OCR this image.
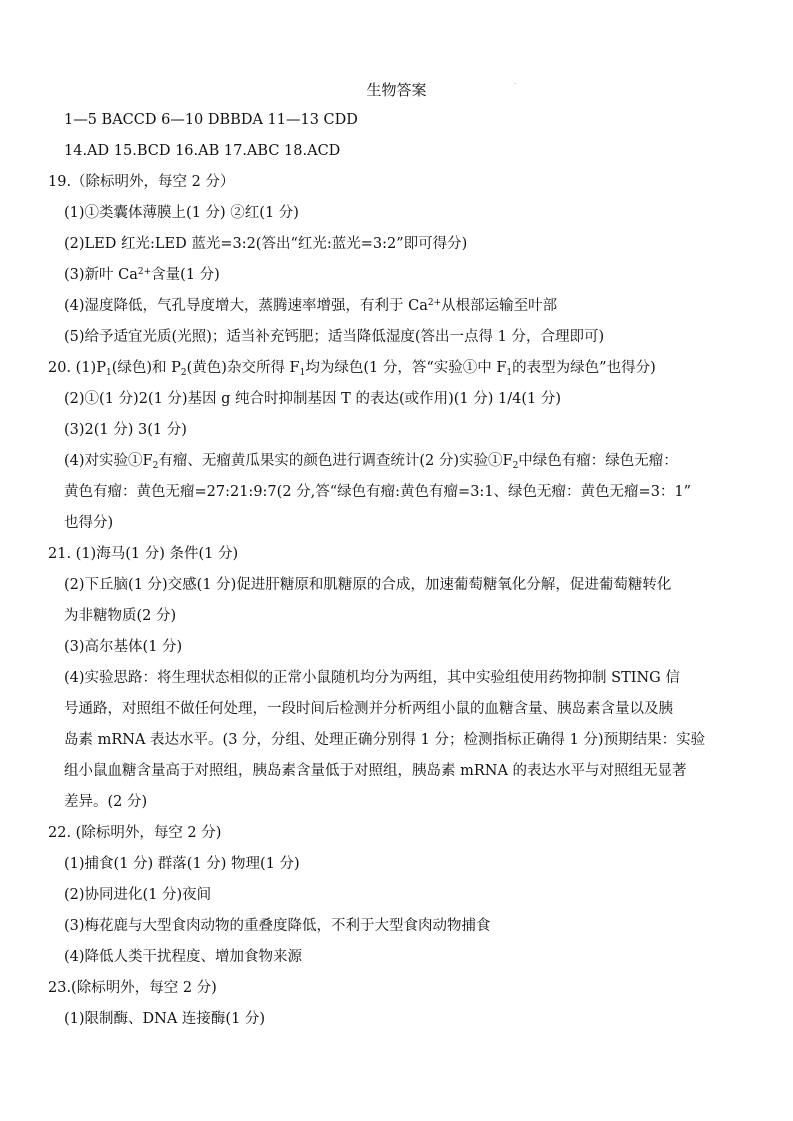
生物答案	·
1—5 BACCD 6—10 DBBDA 11—13 CDD
14.AD 15.BCD 16.AB 17.ABC 18.ACD
19.（除标明外，每空 2 分）
(1)①类囊体薄膜上(1 分) ②红(1 分)
(2)LED 红光:LED 蓝光=3:2(答出“红光:蓝光=3:2”即可得分)
(3)新叶 $Ca^{2+}$含量(1 分)
(4)湿度降低，气孔导度增大，蒸腾速率增强，有利于 $Ca^{2+}$从根部运输至叶部
(5)给予适宜光质(光照)；适当补充钙肥；适当降低湿度(答出一点得 1 分，合理即可)
20. $(1)P_1$(绿色)和 $P_2$(黄色)杂交所得 $F_1$均为绿色(1 分，答“实验①中 $F_1$的表型为绿色”也得分)
(2)①(1 分)2(1 分)基因 g 纯合时抑制基因 T 的表达(或作用)(1 分) 1/4(1 分)
(3)2(1 分) 3(1 分)
(4)对实验$①F_2$有瘤、无瘤黄瓜果实的颜色进行调查统计(2 分)实验$①F_2$中绿色有瘤：绿色无瘤：
黄色有瘤：黄色无瘤=27:21:9:7(2 分,答“绿色有瘤:黄色有瘤=3:1、绿色无瘤：黄色无瘤=3：1”
也得分)
21. (1)海马(1 分) 条件(1 分)
(2)下丘脑(1 分)交感(1 分)促进肝糖原和肌糖原的合成，加速葡萄糖氧化分解，促进葡萄糖转化
为非糖物质(2 分)
(3)高尔基体(1 分)
(4)实验思路：将生理状态相似的正常小鼠随机均分为两组，其中实验组使用药物抑制 STING 信
号通路，对照组不做任何处理，一段时间后检测并分析两组小鼠的血糖含量、胰岛素含量以及胰
岛素 mRNA 表达水平。(3 分，分组、处理正确分别得 1 分；检测指标正确得 1 分)预期结果：实验
组小鼠血糖含量高于对照组，胰岛素含量低于对照组，胰岛素 mRNA 的表达水平与对照组无显著
差异。(2 分)
22. (除标明外，每空 2 分)
(1)捕食(1 分) 群落(1 分) 物理(1 分)
(2)协同进化(1 分)夜间
(3)梅花鹿与大型食肉动物的重叠度降低，不利于大型食肉动物捕食
(4)降低人类干扰程度、增加食物来源
23.(除标明外，每空 2 分)
(1)限制酶、DNA 连接酶(1 分)
